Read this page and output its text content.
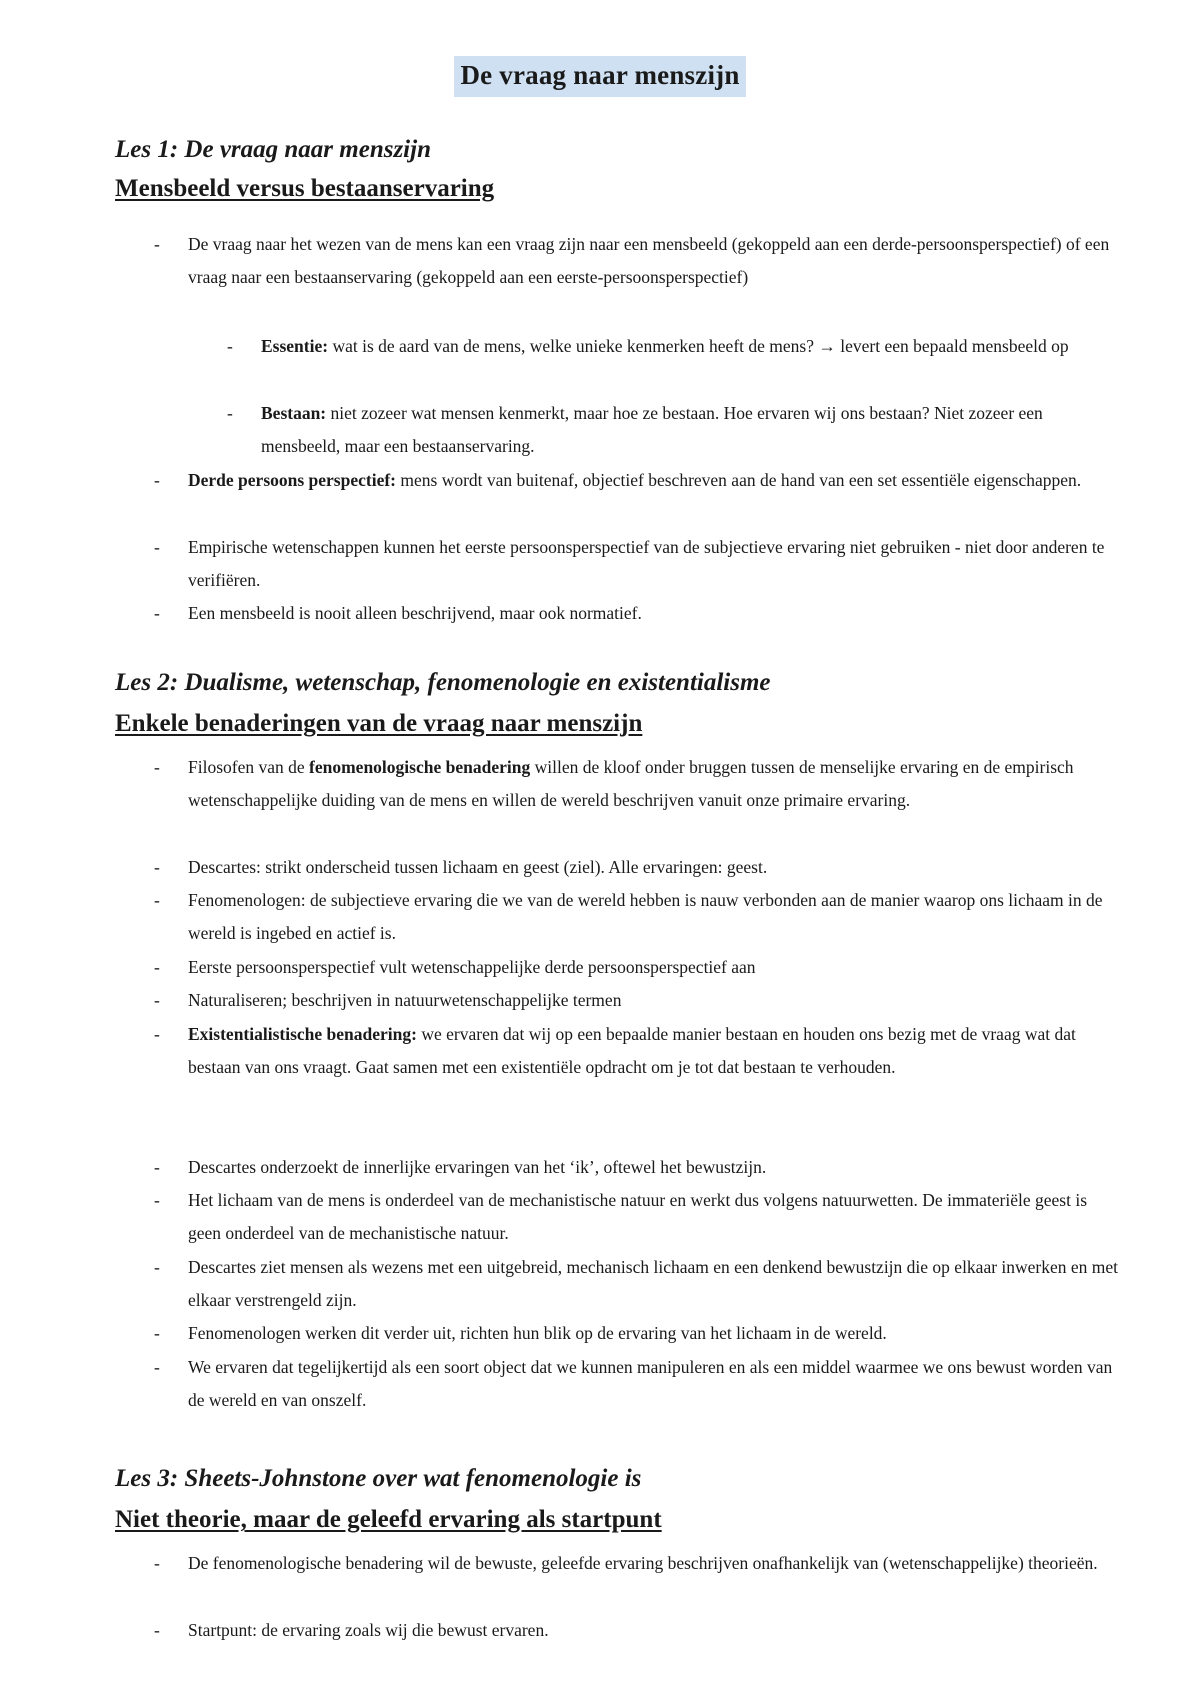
De vraag naar menszijn
Les 1: De vraag naar menszijn
Mensbeeld versus bestaanservaring

- De vraag naar het wezen van de mens kan een vraag zijn naar een mensbeeld (gekoppeld aan een derde-persoonsperspectief) of een vraag naar een bestaanservaring (gekoppeld aan een eerste-persoonsperspectief)

- Essentie: wat is de aard van de mens, welke unieke kenmerken heeft de mens? → levert een bepaald mensbeeld op

- Bestaan: niet zozeer wat mensen kenmerkt, maar hoe ze bestaan. Hoe ervaren wij ons bestaan? Niet zozeer een mensbeeld, maar een bestaanservaring.

- Derde persoons perspectief: mens wordt van buitenaf, objectief beschreven aan de hand van een set essentiële eigenschappen.

- Empirische wetenschappen kunnen het eerste persoonsperspectief van de subjectieve ervaring niet gebruiken - niet door anderen te verifiëren.

- Een mensbeeld is nooit alleen beschrijvend, maar ook normatief.

Les 2: Dualisme, wetenschap, fenomenologie en existentialisme
Enkele benaderingen van de vraag naar menszijn

- Filosofen van de fenomenologische benadering willen de kloof onder bruggen tussen de menselijke ervaring en de empirisch wetenschappelijke duiding van de mens en willen de wereld beschrijven vanuit onze primaire ervaring.

- Descartes: strikt onderscheid tussen lichaam en geest (ziel). Alle ervaringen: geest.

- Fenomenologen: de subjectieve ervaring die we van de wereld hebben is nauw verbonden aan de manier waarop ons lichaam in de wereld is ingebed en actief is.

- Eerste persoonsperspectief vult wetenschappelijke derde persoonsperspectief aan

- Naturaliseren; beschrijven in natuurwetenschappelijke termen

- Existentialistische benadering: we ervaren dat wij op een bepaalde manier bestaan en houden ons bezig met de vraag wat dat bestaan van ons vraagt. Gaat samen met een existentiële opdracht om je tot dat bestaan te verhouden.

- Descartes onderzoekt de innerlijke ervaringen van het ‘ik’, oftewel het bewustzijn.

- Het lichaam van de mens is onderdeel van de mechanistische natuur en werkt dus volgens natuurwetten. De immateriële geest is geen onderdeel van de mechanistische natuur.

- Descartes ziet mensen als wezens met een uitgebreid, mechanisch lichaam en een denkend bewustzijn die op elkaar inwerken en met elkaar verstrengeld zijn.

- Fenomenologen werken dit verder uit, richten hun blik op de ervaring van het lichaam in de wereld.

- We ervaren dat tegelijkertijd als een soort object dat we kunnen manipuleren en als een middel waarmee we ons bewust worden van de wereld en van onszelf.

Les 3: Sheets-Johnstone over wat fenomenologie is
Niet theorie, maar de geleefd ervaring als startpunt

- De fenomenologische benadering wil de bewuste, geleefde ervaring beschrijven onafhankelijk van (wetenschappelijke) theorieën.

- Startpunt: de ervaring zoals wij die bewust ervaren.
